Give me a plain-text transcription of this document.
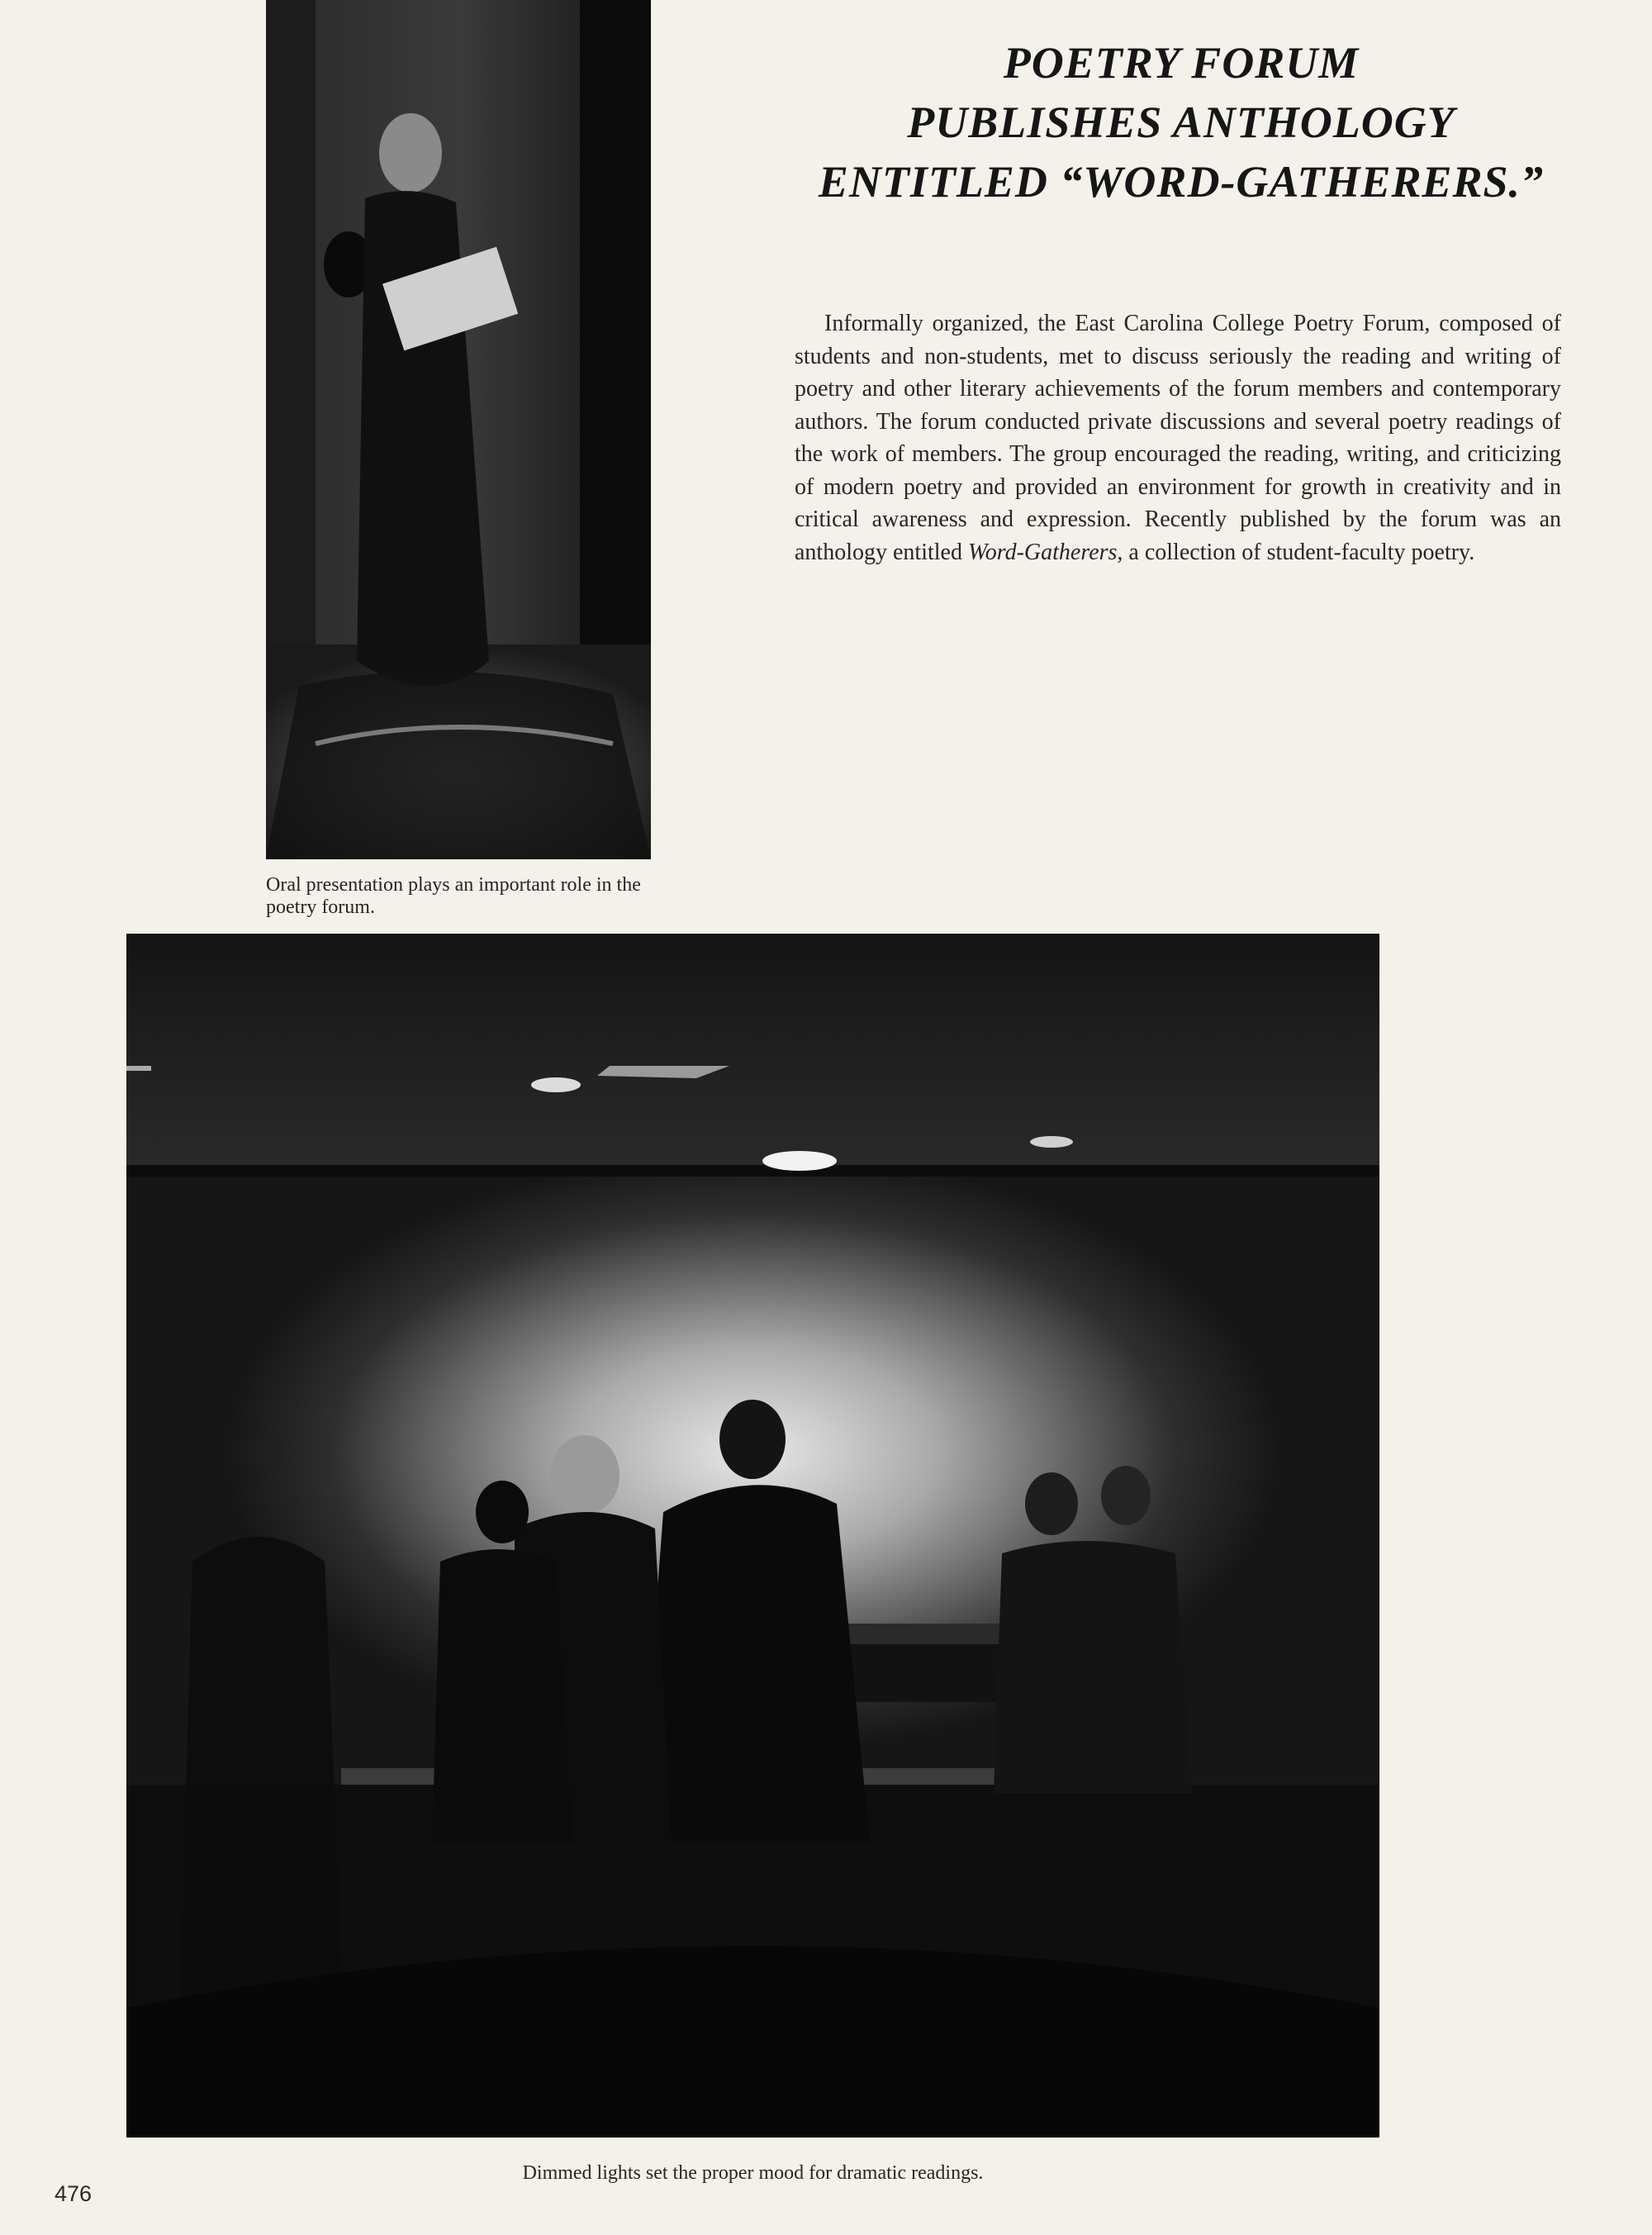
Oral presentation plays an important role in the poetry forum.
POETRY FORUM
PUBLISHES ANTHOLOGY
ENTITLED “WORD-GATHERERS.”

Informally organized, the East Carolina College Poetry Forum, composed of students and non-students, met to discuss seriously the reading and writing of poetry and other literary achievements of the forum members and contemporary authors. The forum conducted private discussions and several poetry readings of the work of members. The group encouraged the reading, writing, and criticizing of modern poetry and provided an environment for growth in creativity and in critical awareness and expression. Recently published by the forum was an anthology entitled Word-Gatherers, a collection of student-faculty poetry.

Dimmed lights set the proper mood for dramatic readings.
476
